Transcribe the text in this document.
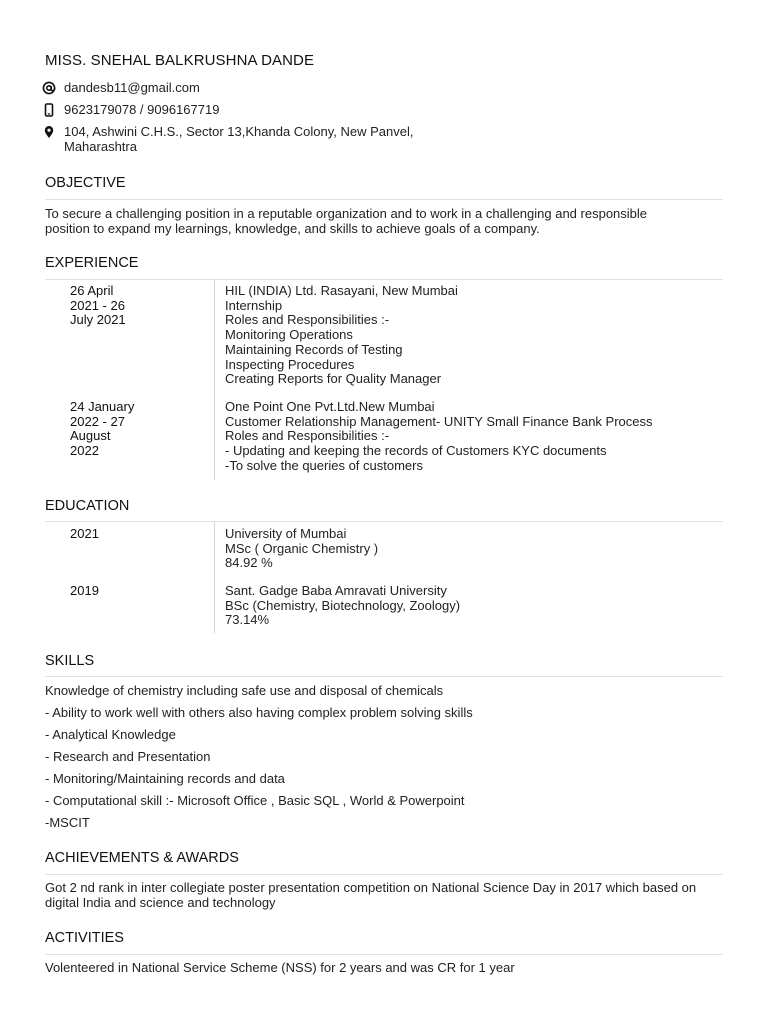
MISS. SNEHAL BALKRUSHNA DANDE
dandesb11@gmail.com
9623179078 / 9096167719
104, Ashwini C.H.S., Sector 13,Khanda Colony, New Panvel,
Maharashtra
OBJECTIVE
To secure a challenging position in a reputable organization and to work in a challenging and responsible
position to expand my learnings, knowledge, and skills to achieve goals of a company.
EXPERIENCE
26 April
2021 - 26
July 2021
HIL (INDIA) Ltd. Rasayani, New Mumbai
Internship
Roles and Responsibilities :-
Monitoring Operations
Maintaining Records of Testing
Inspecting Procedures
Creating Reports for Quality Manager
24 January
2022 - 27
August
2022
One Point One Pvt.Ltd.New Mumbai
Customer Relationship Management- UNITY Small Finance Bank Process
Roles and Responsibilities :-
- Updating and keeping the records of Customers KYC documents
-To solve the queries of customers
EDUCATION
2021	University of Mumbai
MSc ( Organic Chemistry )
84.92 %
2019	Sant. Gadge Baba Amravati University
BSc (Chemistry, Biotechnology, Zoology)
73.14%
SKILLS
Knowledge of chemistry including safe use and disposal of chemicals
- Ability to work well with others also having complex problem solving skills
- Analytical Knowledge
- Research and Presentation
- Monitoring/Maintaining records and data
- Computational skill :- Microsoft Office , Basic SQL , World & Powerpoint
-MSCIT
ACHIEVEMENTS & AWARDS
Got 2 nd rank in inter collegiate poster presentation competition on National Science Day in 2017 which based on
digital India and science and technology
ACTIVITIES
Volenteered in National Service Scheme (NSS) for 2 years and was CR for 1 year
